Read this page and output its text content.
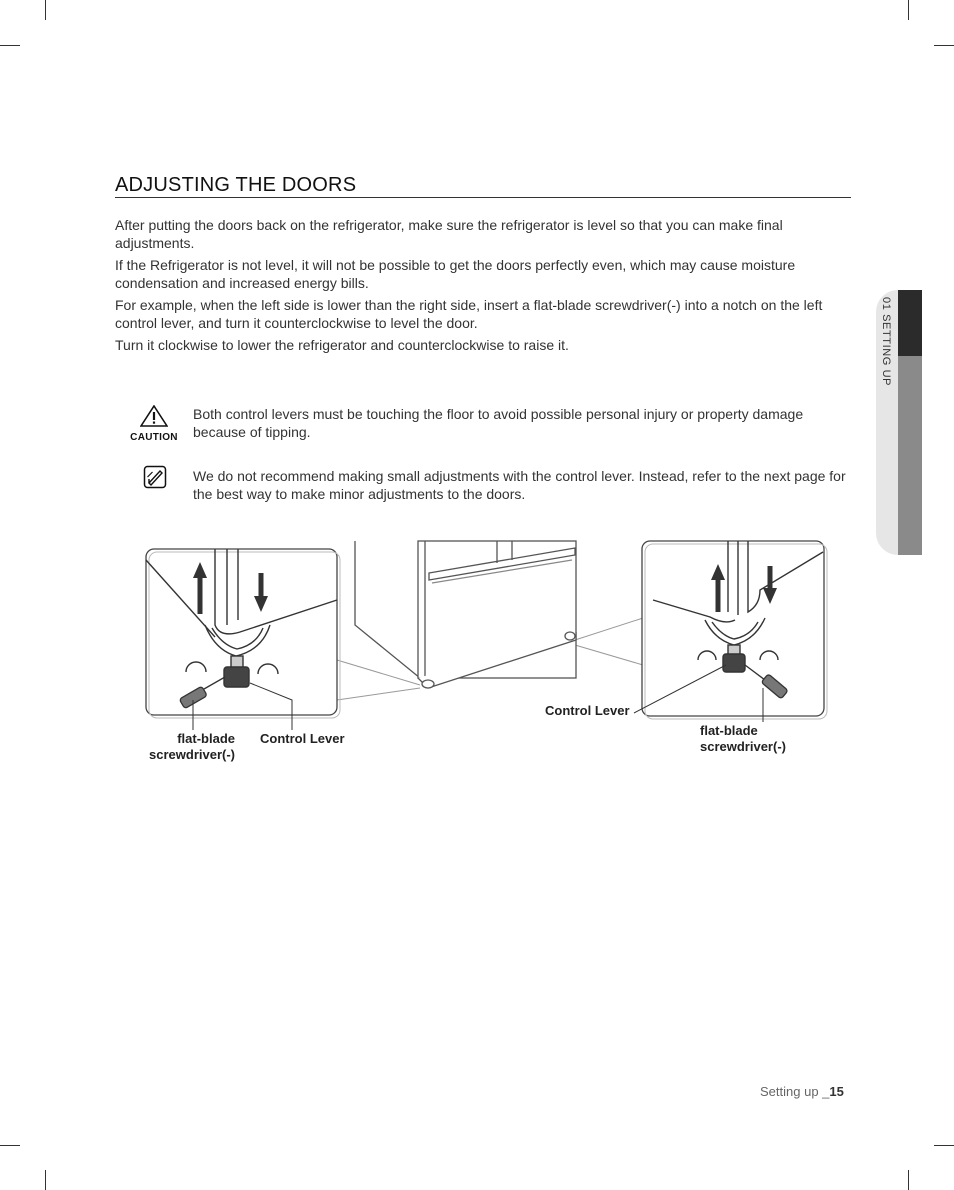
ADJUSTING THE DOORS

After putting the doors back on the refrigerator, make sure the refrigerator is level so that you can make final adjustments.

If the Refrigerator is not level, it will not be possible to get the doors perfectly even, which may cause moisture condensation and increased energy bills.

For example, when the left side is lower than the right side, insert a flat-blade screwdriver(-) into a notch on the left control lever, and turn it counterclockwise to level the door.

Turn it clockwise to lower the refrigerator and counterclockwise to raise it.	01 SETTING UP
CAUTION
Both control levers must be touching the floor to avoid possible personal injury or property damage because of tipping.
We do not recommend making small adjustments with the control lever. Instead, refer to the next page for the best way to make minor adjustments to the doors.
flat-blade
screwdriver(-)
Control Lever
Control Lever
flat-blade
screwdriver(-)
Setting up _15
